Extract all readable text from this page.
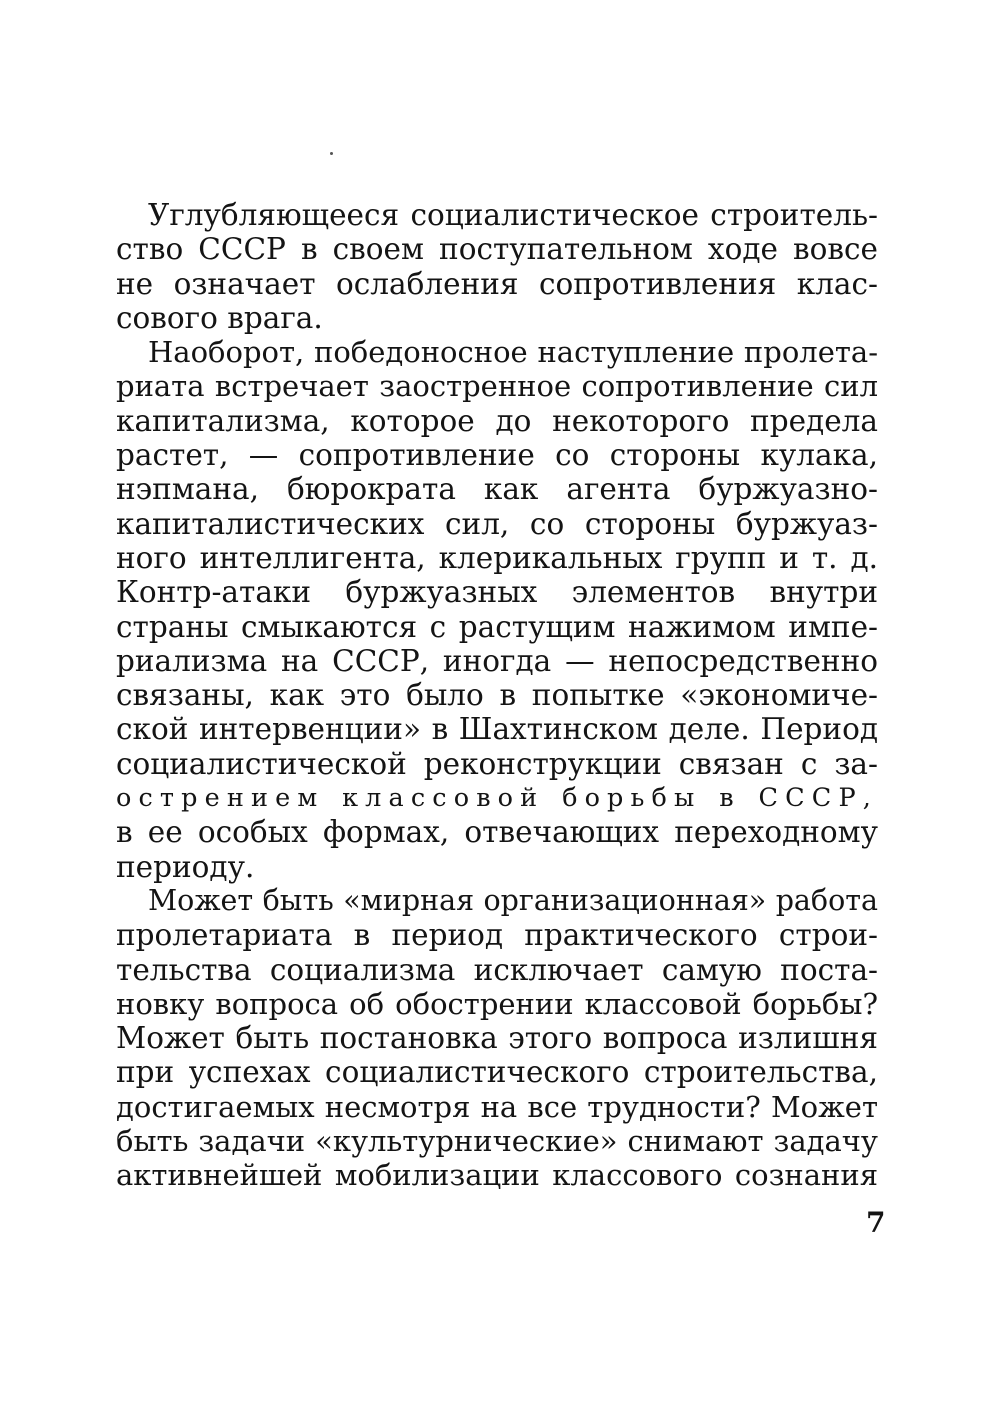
Углубляющееся социалистическое строитель-
ство СССР в своем поступательном ходе вовсе
не означает ослабления сопротивления клас-
сового врага.
Наоборот, победоносное наступление пролета-
риата встречает заостренное сопротивление сил
капитализма, которое до некоторого предела
растет, — сопротивление со стороны кулака,
нэпмана, бюрократа как агента буржуазно-
капиталистических сил, со стороны буржуаз-
ного интеллигента, клерикальных групп и т. д.
Контр-атаки буржуазных элементов внутри
страны смыкаются с растущим нажимом импе-
риализма на СССР, иногда — непосредственно
связаны, как это было в попытке «экономиче-
ской интервенции» в Шахтинском деле. Период
социалистической реконструкции связан с за-
острением классовой борьбы в СССР,
в ее особых формах, отвечающих переходному
периоду.
Может быть «мирная организационная» работа
пролетариата в период практического строи-
тельства социализма исключает самую поста-
новку вопроса об обострении классовой борьбы?
Может быть постановка этого вопроса излишня
при успехах социалистического строительства,
достигаемых несмотря на все трудности? Может
быть задачи «культурнические» снимают задачу
активнейшей мобилизации классового сознания
7
